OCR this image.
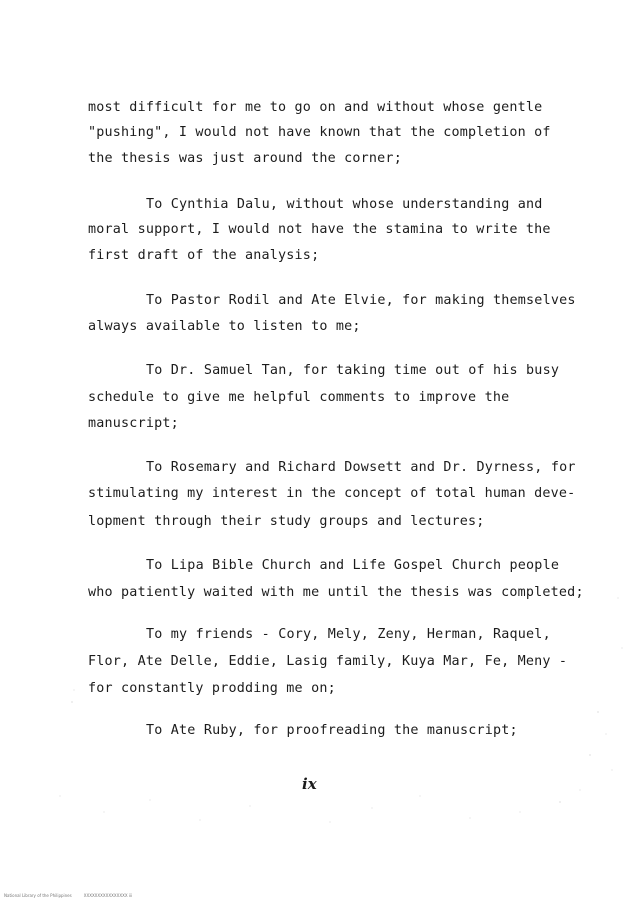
most difficult for me to go on and without whose gentle

"pushing", I would not have known that the completion of

the thesis was just around the corner;

To Cynthia Dalu, without whose understanding and

moral support, I would not have the stamina to write the

first draft of the analysis;

To Pastor Rodil and Ate Elvie, for making themselves

always available to listen to me;

To Dr. Samuel Tan, for taking time out of his busy

schedule to give me helpful comments to improve the

manuscript;

To Rosemary and Richard Dowsett and Dr. Dyrness, for

stimulating my interest in the concept of total human deve-

lopment through their study groups and lectures;

To Lipa Bible Church and Life Gospel Church people

who patiently waited with me until the thesis was completed;

To my friends - Cory, Mely, Zeny, Herman, Raquel,

Flor, Ate Delle, Eddie, Lasig family, Kuya Mar, Fe, Meny -

for constantly prodding me on;

To Ate Ruby, for proofreading the manuscript;

ix
National Library of the Philippines	XXXXXXXXXXXXXXXX iii
